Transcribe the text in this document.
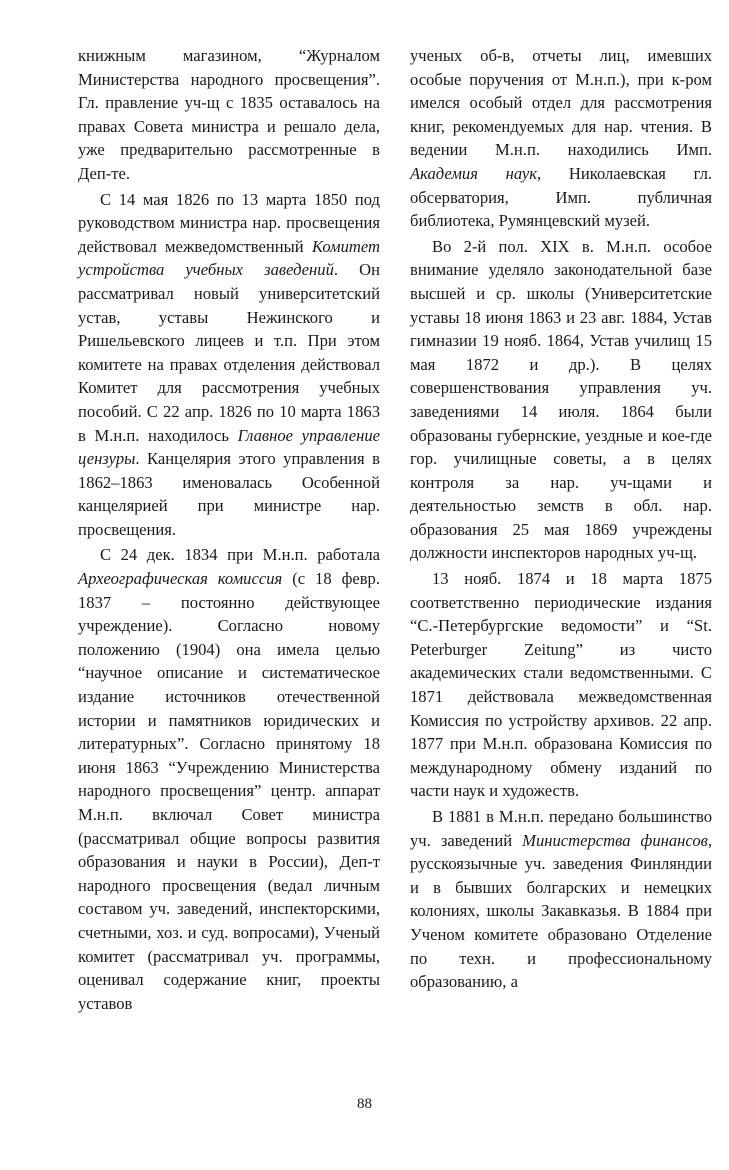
книжным магазином, “Журналом Министерства народного просвещения”. Гл. правление уч-щ с 1835 оставалось на правах Совета министра и решало дела, уже предварительно рассмотренные в Деп-те.

С 14 мая 1826 по 13 марта 1850 под руководством министра нар. просвещения действовал межведомственный Комитет устройства учебных заведений. Он рассматривал новый университетский устав, уставы Нежинского и Ришельевского лицеев и т.п. При этом комитете на правах отделения действовал Комитет для рассмотрения учебных пособий. С 22 апр. 1826 по 10 марта 1863 в М.н.п. находилось Главное управление цензуры. Канцелярия этого управления в 1862–1863 именовалась Особенной канцелярией при министре нар. просвещения.

С 24 дек. 1834 при М.н.п. работала Археографическая комиссия (с 18 февр. 1837 – постоянно действующее учреждение). Согласно новому положению (1904) она имела целью “научное описание и систематическое издание источников отечественной истории и памятников юридических и литературных”. Согласно принятому 18 июня 1863 “Учреждению Министерства народного просвещения” центр. аппарат М.н.п. включал Совет министра (рассматривал общие вопросы развития образования и науки в России), Деп-т народного просвещения (ведал личным составом уч. заведений, инспекторскими, счетными, хоз. и суд. вопросами), Ученый комитет (рассматривал уч. программы, оценивал содержание книг, проекты уставов

ученых об-в, отчеты лиц, имевших особые поручения от М.н.п.), при к-ром имелся особый отдел для рассмотрения книг, рекомендуемых для нар. чтения. В ведении М.н.п. находились Имп. Академия наук, Николаевская гл. обсерватория, Имп. публичная библиотека, Румянцевский музей.

Во 2-й пол. XIX в. М.н.п. особое внимание уделяло законодательной базе высшей и ср. школы (Университетские уставы 18 июня 1863 и 23 авг. 1884, Устав гимназии 19 нояб. 1864, Устав училищ 15 мая 1872 и др.). В целях совершенствования управления уч. заведениями 14 июля. 1864 были образованы губернские, уездные и кое-где гор. училищные советы, а в целях контроля за нар. уч-щами и деятельностью земств в обл. нар. образования 25 мая 1869 учреждены должности инспекторов народных уч-щ.

13 нояб. 1874 и 18 марта 1875 соответственно периодические издания “С.-Петербургские ведомости” и “St. Peterburger Zeitung” из чисто академических стали ведомственными. С 1871 действовала межведомственная Комиссия по устройству архивов. 22 апр. 1877 при М.н.п. образована Комиссия по международному обмену изданий по части наук и художеств.

В 1881 в М.н.п. передано большинство уч. заведений Министерства финансов, русскоязычные уч. заведения Финляндии и в бывших болгарских и немецких колониях, школы Закавказья. В 1884 при Ученом комитете образовано Отделение по техн. и профессиональному образованию, а

88
